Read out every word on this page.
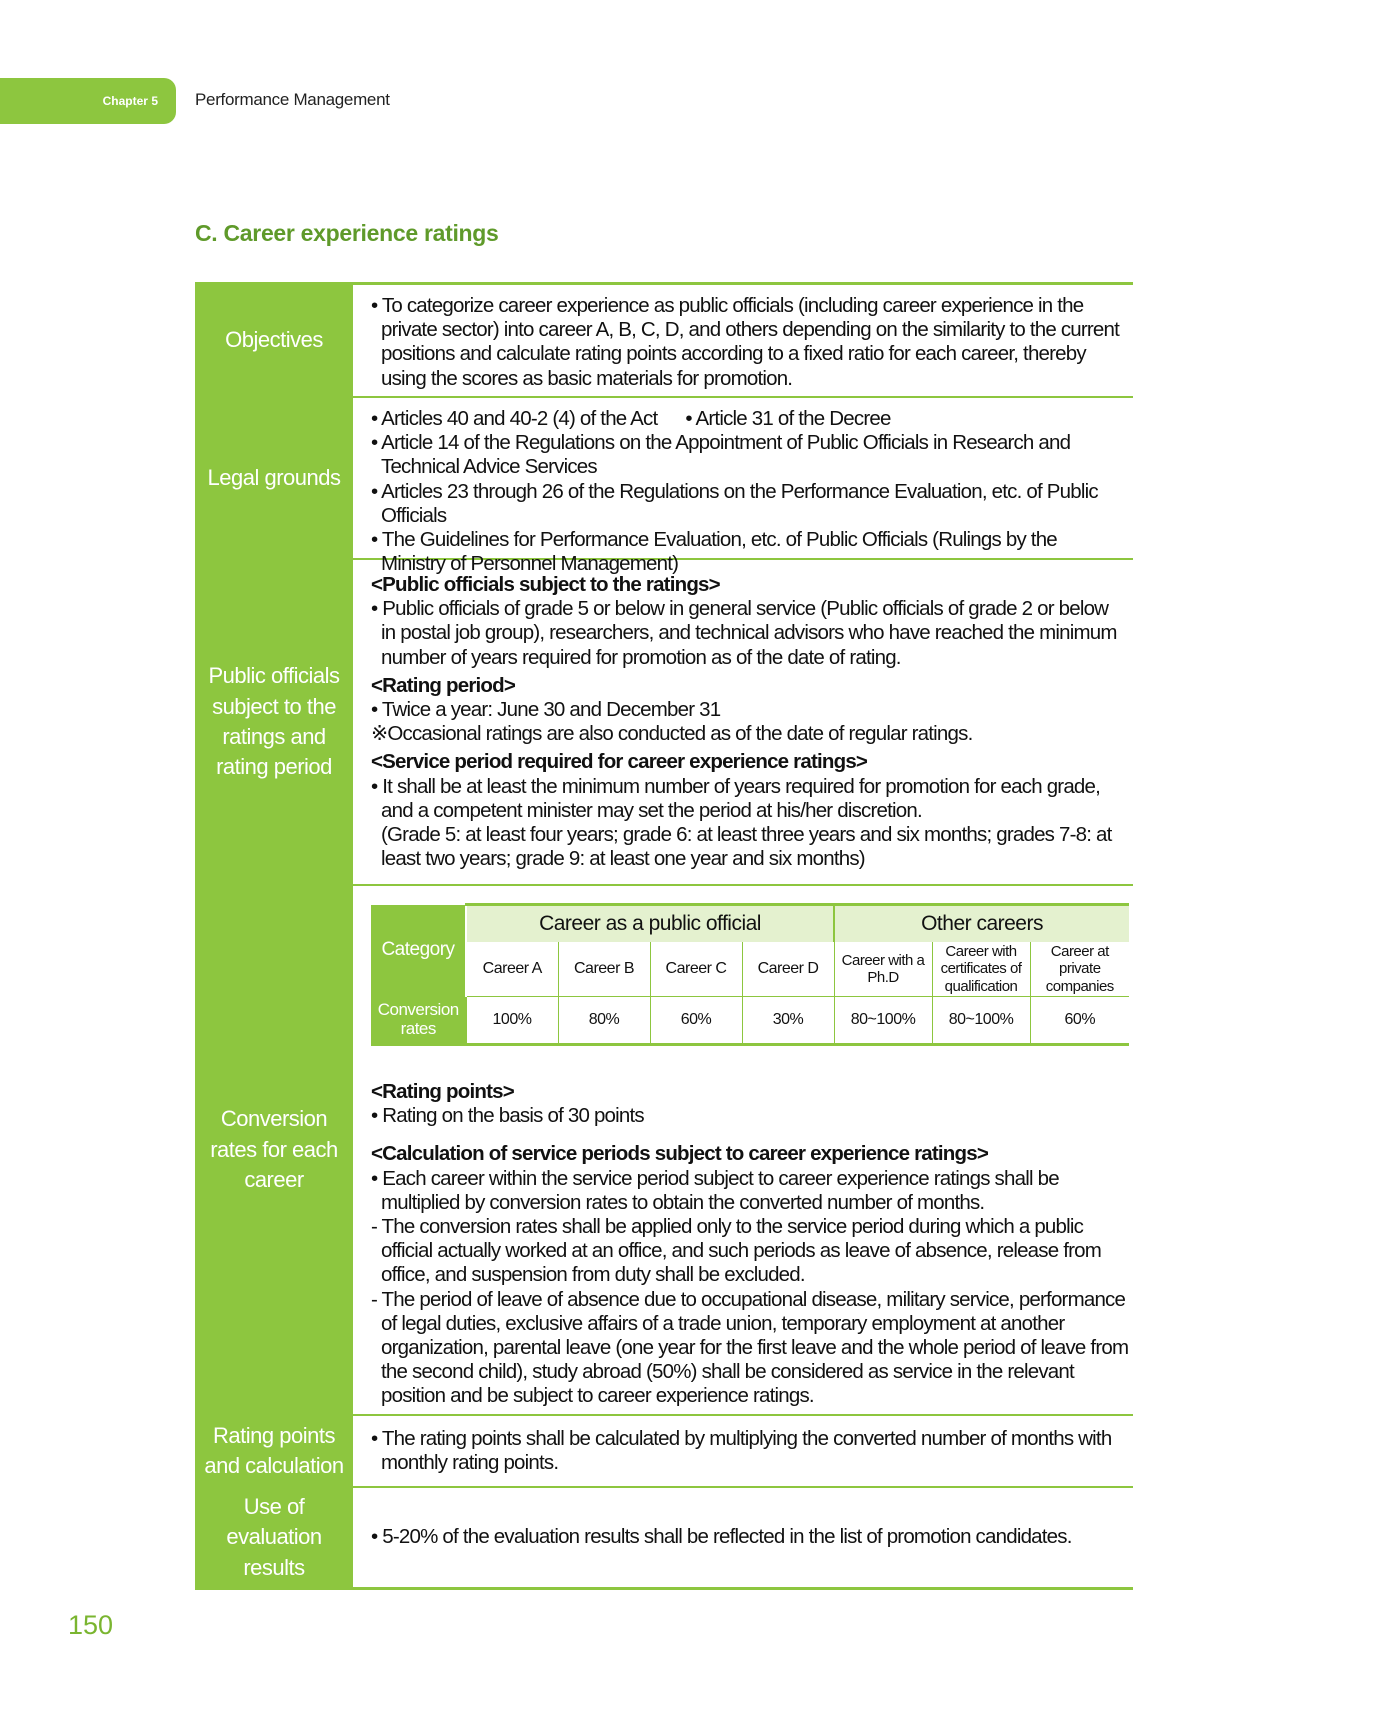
Chapter 5 Performance Management
C. Career experience ratings
Objectives

• To categorize career experience as public officials (including career experience in the private sector) into career A, B, C, D, and others depending on the similarity to the current positions and calculate rating points according to a fixed ratio for each career, thereby using the scores as basic materials for promotion.

Legal grounds

• Articles 40 and 40-2 (4) of the Act • Article 31 of the Decree

• Article 14 of the Regulations on the Appointment of Public Officials in Research and Technical Advice Services

• Articles 23 through 26 of the Regulations on the Performance Evaluation, etc. of Public Officials

• The Guidelines for Performance Evaluation, etc. of Public Officials (Rulings by the Ministry of Personnel Management)

Public officials subject to the ratings and rating period

<Public officials subject to the ratings>

• Public officials of grade 5 or below in general service (Public officials of grade 2 or below in postal job group), researchers, and technical advisors who have reached the minimum number of years required for promotion as of the date of rating.

<Rating period>

• Twice a year: June 30 and December 31

※Occasional ratings are also conducted as of the date of regular ratings.

<Service period required for career experience ratings>

• It shall be at least the minimum number of years required for promotion for each grade, and a competent minister may set the period at his/her discretion.

(Grade 5: at least four years; grade 6: at least three years and six months; grades 7-8: at least two years; grade 9: at least one year and six months)

Conversion rates for each career
Category	Career as a public official				Other careers		
	Career A	Career B	Career C	Career D	Career with a Ph.D	Career with certificates of qualification	Career at private companies
Conversion rates	100%	80%	60%	30%	80~100%	80~100%	60%

<Rating points>

• Rating on the basis of 30 points

<Calculation of service periods subject to career experience ratings>

• Each career within the service period subject to career experience ratings shall be multiplied by conversion rates to obtain the converted number of months.

- The conversion rates shall be applied only to the service period during which a public official actually worked at an office, and such periods as leave of absence, release from office, and suspension from duty shall be excluded.

- The period of leave of absence due to occupational disease, military service, performance of legal duties, exclusive affairs of a trade union, temporary employment at another organization, parental leave (one year for the first leave and the whole period of leave from the second child), study abroad (50%) shall be considered as service in the relevant position and be subject to career experience ratings.

Rating points and calculation

• The rating points shall be calculated by multiplying the converted number of months with monthly rating points.

Use of evaluation results

• 5-20% of the evaluation results shall be reflected in the list of promotion candidates.

150
